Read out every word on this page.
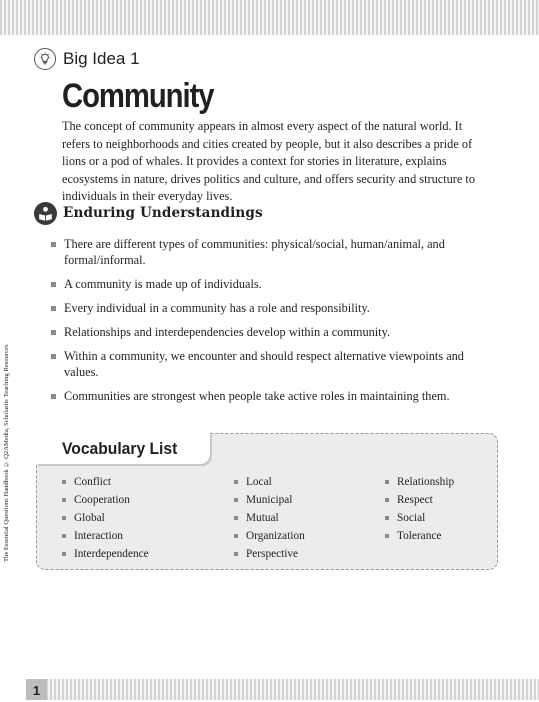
The Essential Questions Handbook © Q2AMedia, Scholastic Teaching Resources
Big Idea 1
Community

The concept of community appears in almost every aspect of the natural world. It refers to neighborhoods and cities created by people, but it also describes a pride of lions or a pod of whales. It provides a context for stories in literature, explains ecosystems in nature, drives politics and culture, and offers security and structure to individuals in their everyday lives.

Enduring Understandings
There are different types of communities: physical/social, human/animal, and formal/informal.
A community is made up of individuals.
Every individual in a community has a role and responsibility.
Relationships and interdependencies develop within a community.
Within a community, we encounter and should respect alternative viewpoints and values.
Communities are strongest when people take active roles in maintaining them.
Vocabulary List
Conflict
Cooperation
Global
Interaction
Interdependence
Local
Municipal
Mutual
Organization
Perspective
Relationship
Respect
Social
Tolerance
1
